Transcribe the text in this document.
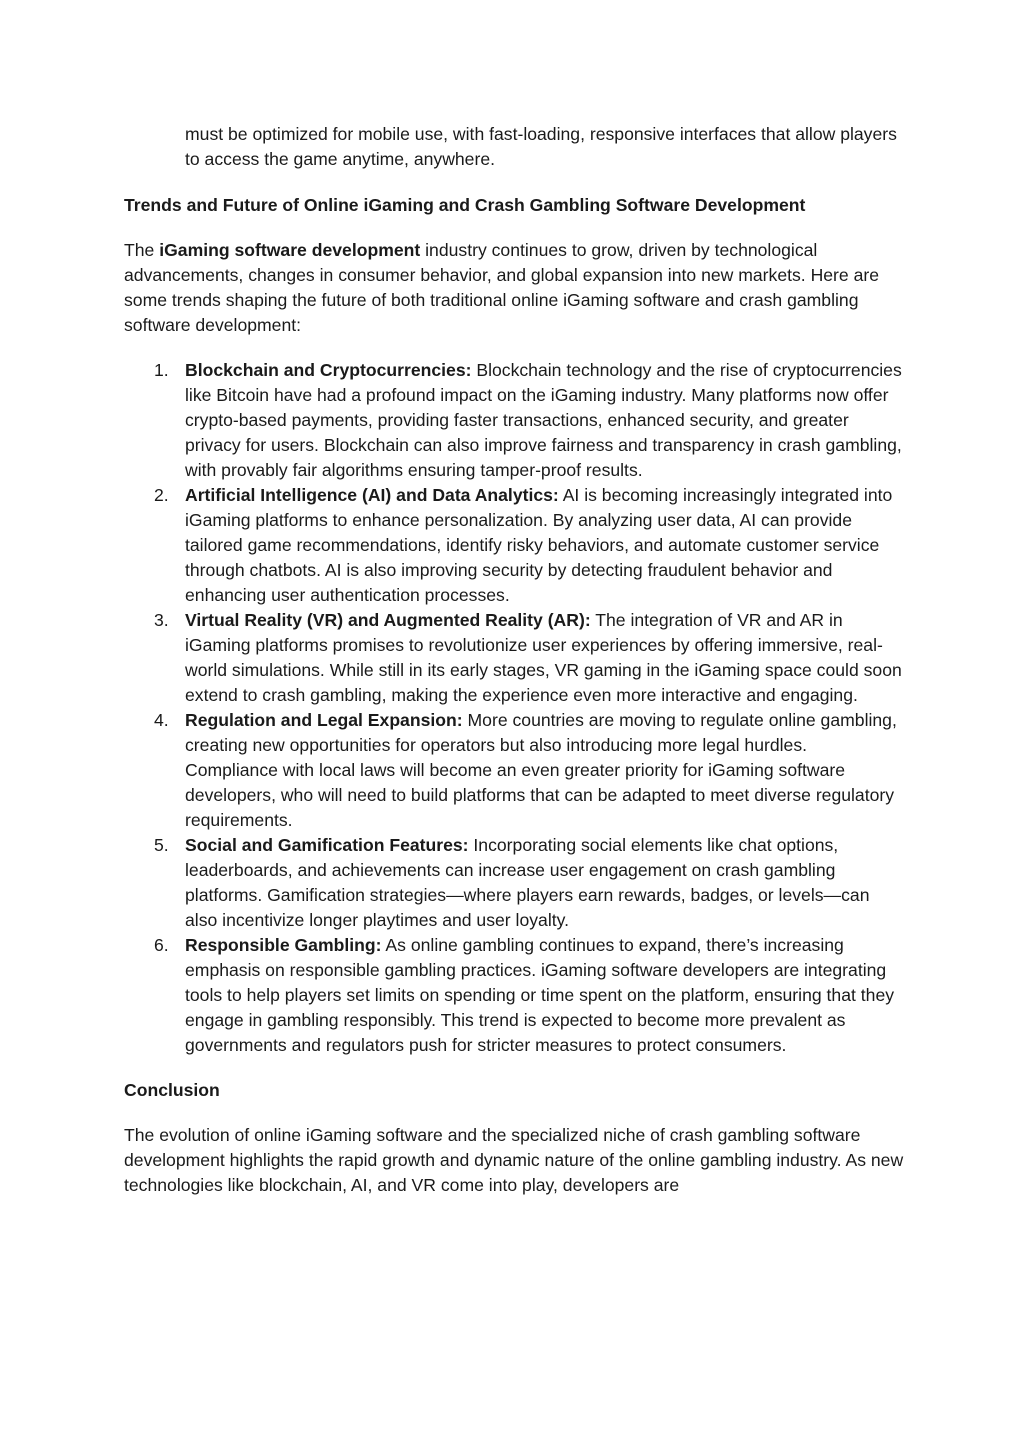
must be optimized for mobile use, with fast-loading, responsive interfaces that allow players to access the game anytime, anywhere.

Trends and Future of Online iGaming and Crash Gambling Software Development

The iGaming software development industry continues to grow, driven by technological advancements, changes in consumer behavior, and global expansion into new markets. Here are some trends shaping the future of both traditional online iGaming software and crash gambling software development:

1. Blockchain and Cryptocurrencies: Blockchain technology and the rise of cryptocurrencies like Bitcoin have had a profound impact on the iGaming industry. Many platforms now offer crypto-based payments, providing faster transactions, enhanced security, and greater privacy for users. Blockchain can also improve fairness and transparency in crash gambling, with provably fair algorithms ensuring tamper-proof results.
2. Artificial Intelligence (AI) and Data Analytics: AI is becoming increasingly integrated into iGaming platforms to enhance personalization. By analyzing user data, AI can provide tailored game recommendations, identify risky behaviors, and automate customer service through chatbots. AI is also improving security by detecting fraudulent behavior and enhancing user authentication processes.
3. Virtual Reality (VR) and Augmented Reality (AR): The integration of VR and AR in iGaming platforms promises to revolutionize user experiences by offering immersive, real-world simulations. While still in its early stages, VR gaming in the iGaming space could soon extend to crash gambling, making the experience even more interactive and engaging.
4. Regulation and Legal Expansion: More countries are moving to regulate online gambling, creating new opportunities for operators but also introducing more legal hurdles. Compliance with local laws will become an even greater priority for iGaming software developers, who will need to build platforms that can be adapted to meet diverse regulatory requirements.
5. Social and Gamification Features: Incorporating social elements like chat options, leaderboards, and achievements can increase user engagement on crash gambling platforms. Gamification strategies—where players earn rewards, badges, or levels—can also incentivize longer playtimes and user loyalty.
6. Responsible Gambling: As online gambling continues to expand, there’s increasing emphasis on responsible gambling practices. iGaming software developers are integrating tools to help players set limits on spending or time spent on the platform, ensuring that they engage in gambling responsibly. This trend is expected to become more prevalent as governments and regulators push for stricter measures to protect consumers.

Conclusion

The evolution of online iGaming software and the specialized niche of crash gambling software development highlights the rapid growth and dynamic nature of the online gambling industry. As new technologies like blockchain, AI, and VR come into play, developers are
